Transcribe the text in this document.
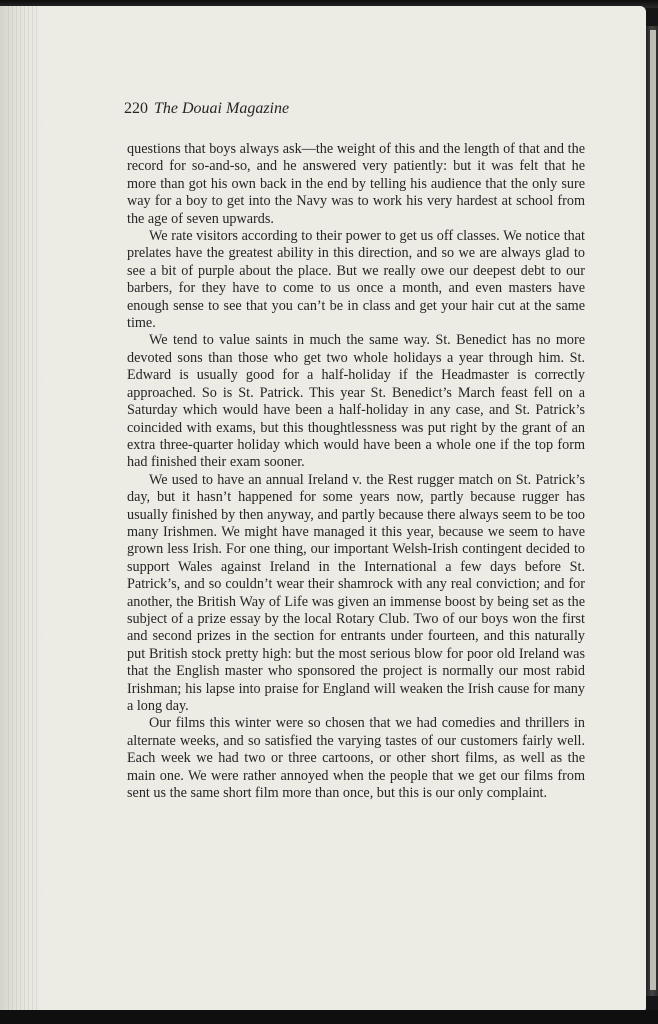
220 The Douai Magazine

questions that boys always ask—the weight of this and the length of that and the record for so-and-so, and he answered very patiently: but it was felt that he more than got his own back in the end by telling his audience that the only sure way for a boy to get into the Navy was to work his very hardest at school from the age of seven upwards.

We rate visitors according to their power to get us off classes. We notice that prelates have the greatest ability in this direction, and so we are always glad to see a bit of purple about the place. But we really owe our deepest debt to our barbers, for they have to come to us once a month, and even masters have enough sense to see that you can’t be in class and get your hair cut at the same time.

We tend to value saints in much the same way. St. Benedict has no more devoted sons than those who get two whole holidays a year through him. St. Edward is usually good for a half-holiday if the Headmaster is correctly approached. So is St. Patrick. This year St. Benedict’s March feast fell on a Saturday which would have been a half-holiday in any case, and St. Patrick’s coincided with exams, but this thoughtlessness was put right by the grant of an extra three-quarter holiday which would have been a whole one if the top form had finished their exam sooner.

We used to have an annual Ireland v. the Rest rugger match on St. Patrick’s day, but it hasn’t happened for some years now, partly because rugger has usually finished by then anyway, and partly because there always seem to be too many Irishmen. We might have managed it this year, because we seem to have grown less Irish. For one thing, our important Welsh-Irish contingent decided to support Wales against Ireland in the International a few days before St. Patrick’s, and so couldn’t wear their shamrock with any real conviction; and for another, the British Way of Life was given an immense boost by being set as the subject of a prize essay by the local Rotary Club. Two of our boys won the first and second prizes in the section for entrants under fourteen, and this naturally put British stock pretty high: but the most serious blow for poor old Ireland was that the English master who sponsored the project is normally our most rabid Irishman; his lapse into praise for England will weaken the Irish cause for many a long day.

Our films this winter were so chosen that we had comedies and thrillers in alternate weeks, and so satisfied the varying tastes of our customers fairly well. Each week we had two or three cartoons, or other short films, as well as the main one. We were rather annoyed when the people that we get our films from sent us the same short film more than once, but this is our only complaint.
